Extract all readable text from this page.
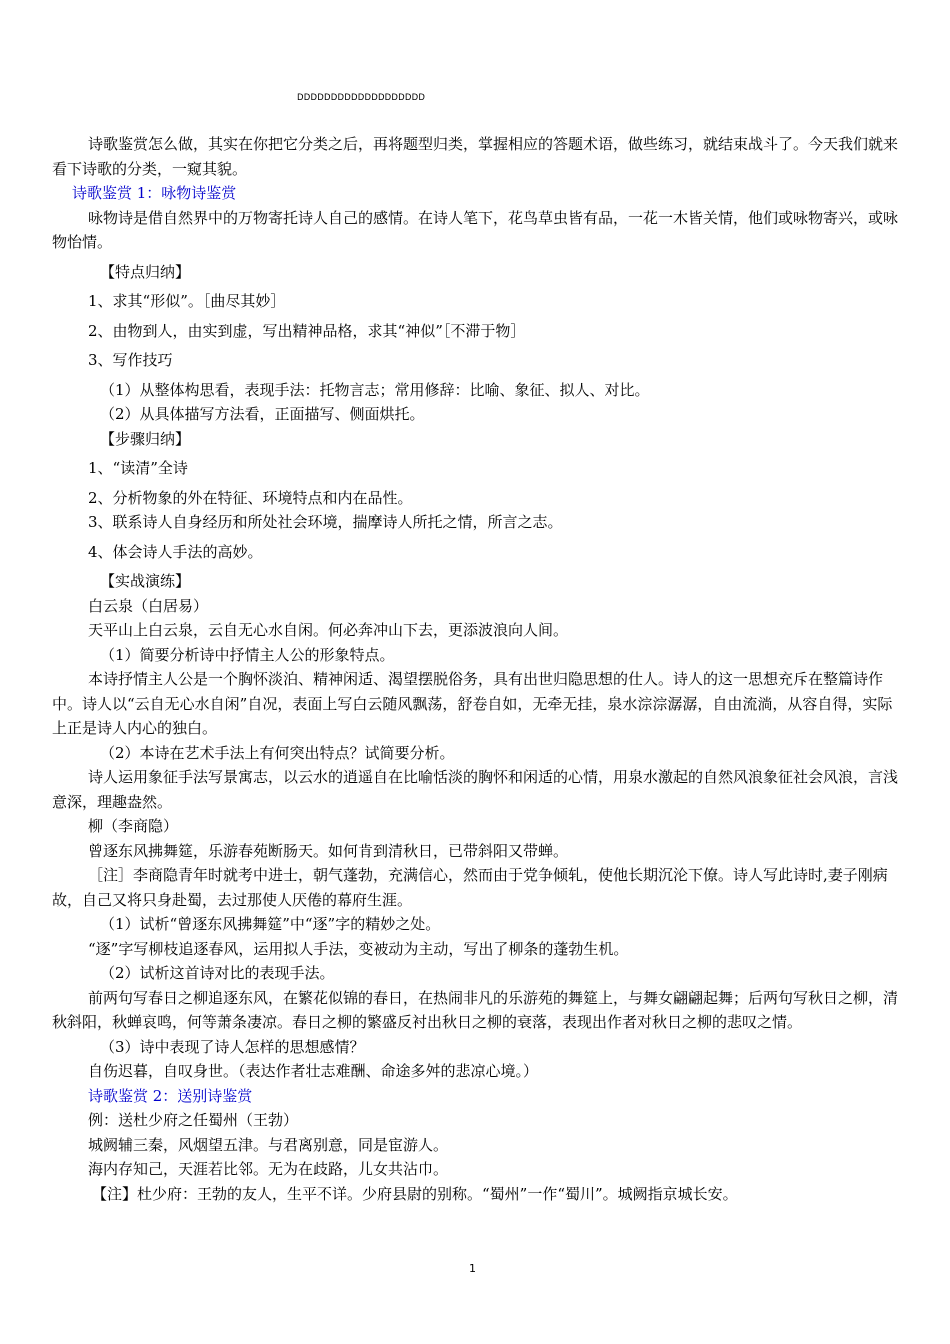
DDDDDDDDDDDDDDDDDDD

诗歌鉴赏怎么做，其实在你把它分类之后，再将题型归类，掌握相应的答题术语，做些练习，就结束战斗了。今天我们就来看下诗歌的分类，一窥其貌。

诗歌鉴赏 1：咏物诗鉴赏

咏物诗是借自然界中的万物寄托诗人自己的感情。在诗人笔下，花鸟草虫皆有品，一花一木皆关情，他们或咏物寄兴，或咏物怡情。

【特点归纳】

1、求其“形似”。［曲尽其妙］

2、由物到人，由实到虚，写出精神品格，求其“神似”［不滞于物］

3、写作技巧

（1）从整体构思看，表现手法：托物言志；常用修辞：比喻、象征、拟人、对比。

（2）从具体描写方法看，正面描写、侧面烘托。

【步骤归纳】

1、“读清”全诗

2、分析物象的外在特征、环境特点和内在品性。

3、联系诗人自身经历和所处社会环境，揣摩诗人所托之情，所言之志。

4、体会诗人手法的高妙。

【实战演练】

白云泉（白居易）

天平山上白云泉，云自无心水自闲。何必奔冲山下去，更添波浪向人间。

（1）简要分析诗中抒情主人公的形象特点。

本诗抒情主人公是一个胸怀淡泊、精神闲适、渴望摆脱俗务，具有出世归隐思想的仕人。诗人的这一思想充斥在整篇诗作中。诗人以“云自无心水自闲”自况，表面上写白云随风飘荡，舒卷自如，无牵无挂，泉水淙淙潺潺，自由流淌，从容自得，实际上正是诗人内心的独白。

（2）本诗在艺术手法上有何突出特点？试简要分析。

诗人运用象征手法写景寓志，以云水的逍遥自在比喻恬淡的胸怀和闲适的心情，用泉水激起的自然风浪象征社会风浪，言浅意深，理趣盎然。

柳（李商隐）

曾逐东风拂舞筵，乐游春苑断肠天。如何肯到清秋日，已带斜阳又带蝉。

［注］李商隐青年时就考中进士，朝气蓬勃，充满信心，然而由于党争倾轧，使他长期沉沦下僚。诗人写此诗时,妻子刚病故，自己又将只身赴蜀，去过那使人厌倦的幕府生涯。

（1）试析“曾逐东风拂舞筵”中“逐”字的精妙之处。

“逐”字写柳枝追逐春风，运用拟人手法，变被动为主动，写出了柳条的蓬勃生机。

（2）试析这首诗对比的表现手法。

前两句写春日之柳追逐东风，在繁花似锦的春日，在热闹非凡的乐游苑的舞筵上，与舞女翩翩起舞；后两句写秋日之柳，清秋斜阳，秋蝉哀鸣，何等萧条凄凉。春日之柳的繁盛反衬出秋日之柳的衰落，表现出作者对秋日之柳的悲叹之情。

（3）诗中表现了诗人怎样的思想感情？

自伤迟暮，自叹身世。（表达作者壮志难酬、命途多舛的悲凉心境。）

诗歌鉴赏 2：送别诗鉴赏

例：送杜少府之任蜀州（王勃）

城阙辅三秦，风烟望五津。与君离别意，同是宦游人。

海内存知己，天涯若比邻。无为在歧路，儿女共沾巾。

【注】杜少府：王勃的友人，生平不详。少府县尉的别称。“蜀州”一作“蜀川”。城阙指京城长安。

1
